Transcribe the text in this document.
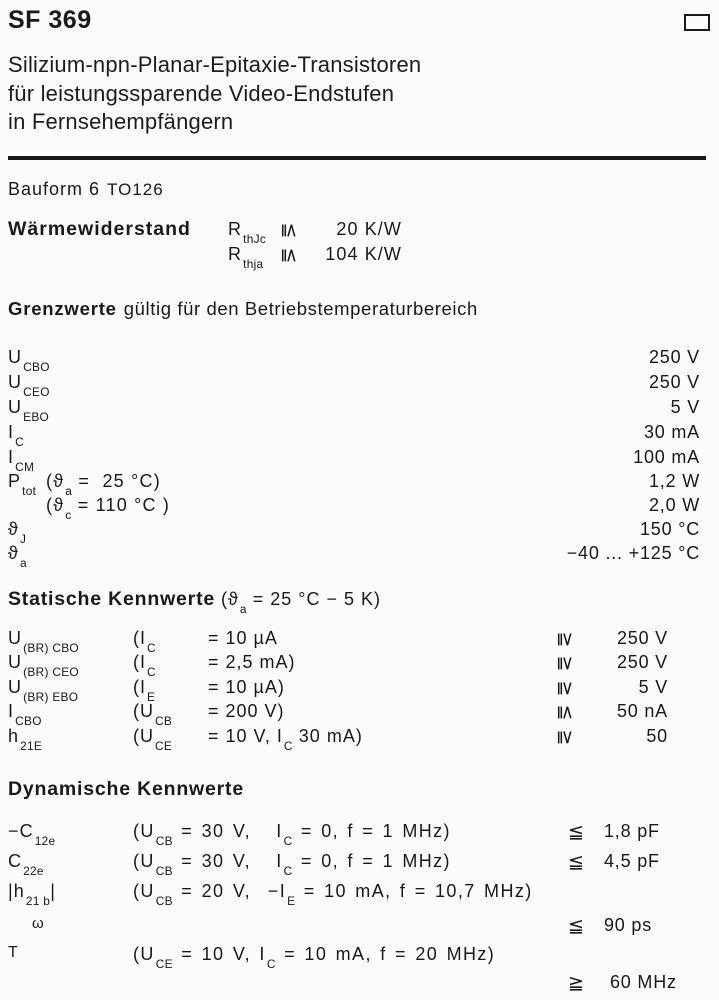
SF 369
Silizium-npn-Planar-Epitaxie-Transistoren
für leistungssparende Video-Endstufen
in Fernsehempfängern
Bauform 6 TO126
Wärmewiderstand $R_{thJc}$
≦	20 K/W
$R_{thja}$
≦	104 K/W
Grenzwerte gültig für den Betriebstemperaturbereich
$U_{CBO}$	250 V
$U_{CEO}$	250 V
$U_{EBO}$	5 V
$I_C$	30 mA
$I_{CM}$	100 mA
$P_{tot}$ ($ϑ_a = 25$ °C)	1,2 W
($ϑ_c = 110$ °C )	2,0 W
$ϑ_J$	150 °C
$ϑ_a$	−40 ... +125 °C
Statische Kennwerte ($ϑ_a = 25$ °C − 5 K)
$U_{(BR) CBO}$	($I_C$	= 10 µA	≧	250 V
$U_{(BR) CEO}$	($I_C$	= 2,5 mA)	≧	250 V
$U_{(BR) EBO}$	($I_E$	= 10 µA)	≧	5 V
$I_{CBO}$	($U_{CB} = 200$ V)	≦	50 nA
$h_{21E}$	($U_{CE} = 10$ V, $I_C$ 30 mA)	≧	50
Dynamische Kennwerte
$-C_{12e}$	($U_{CB} = 30$ V,   $I_C = 0$, f = 1 MHz)	≦ 1,8 pF
$C_{22e}$	($U_{CB} = 30$ V,   $I_C = 0$, f = 1 MHz)	≦ 4,5 pF
$|h_{21 b}|$	($U_{CB} = 20$ V,  $-I_E = 10$ mA, f = 10,7 MHz)
ω	≦ 90 ps
T	($U_{CE} = 10$ V, $I_C = 10$ mA, f = 20 MHz)
≧ 60 MHz
